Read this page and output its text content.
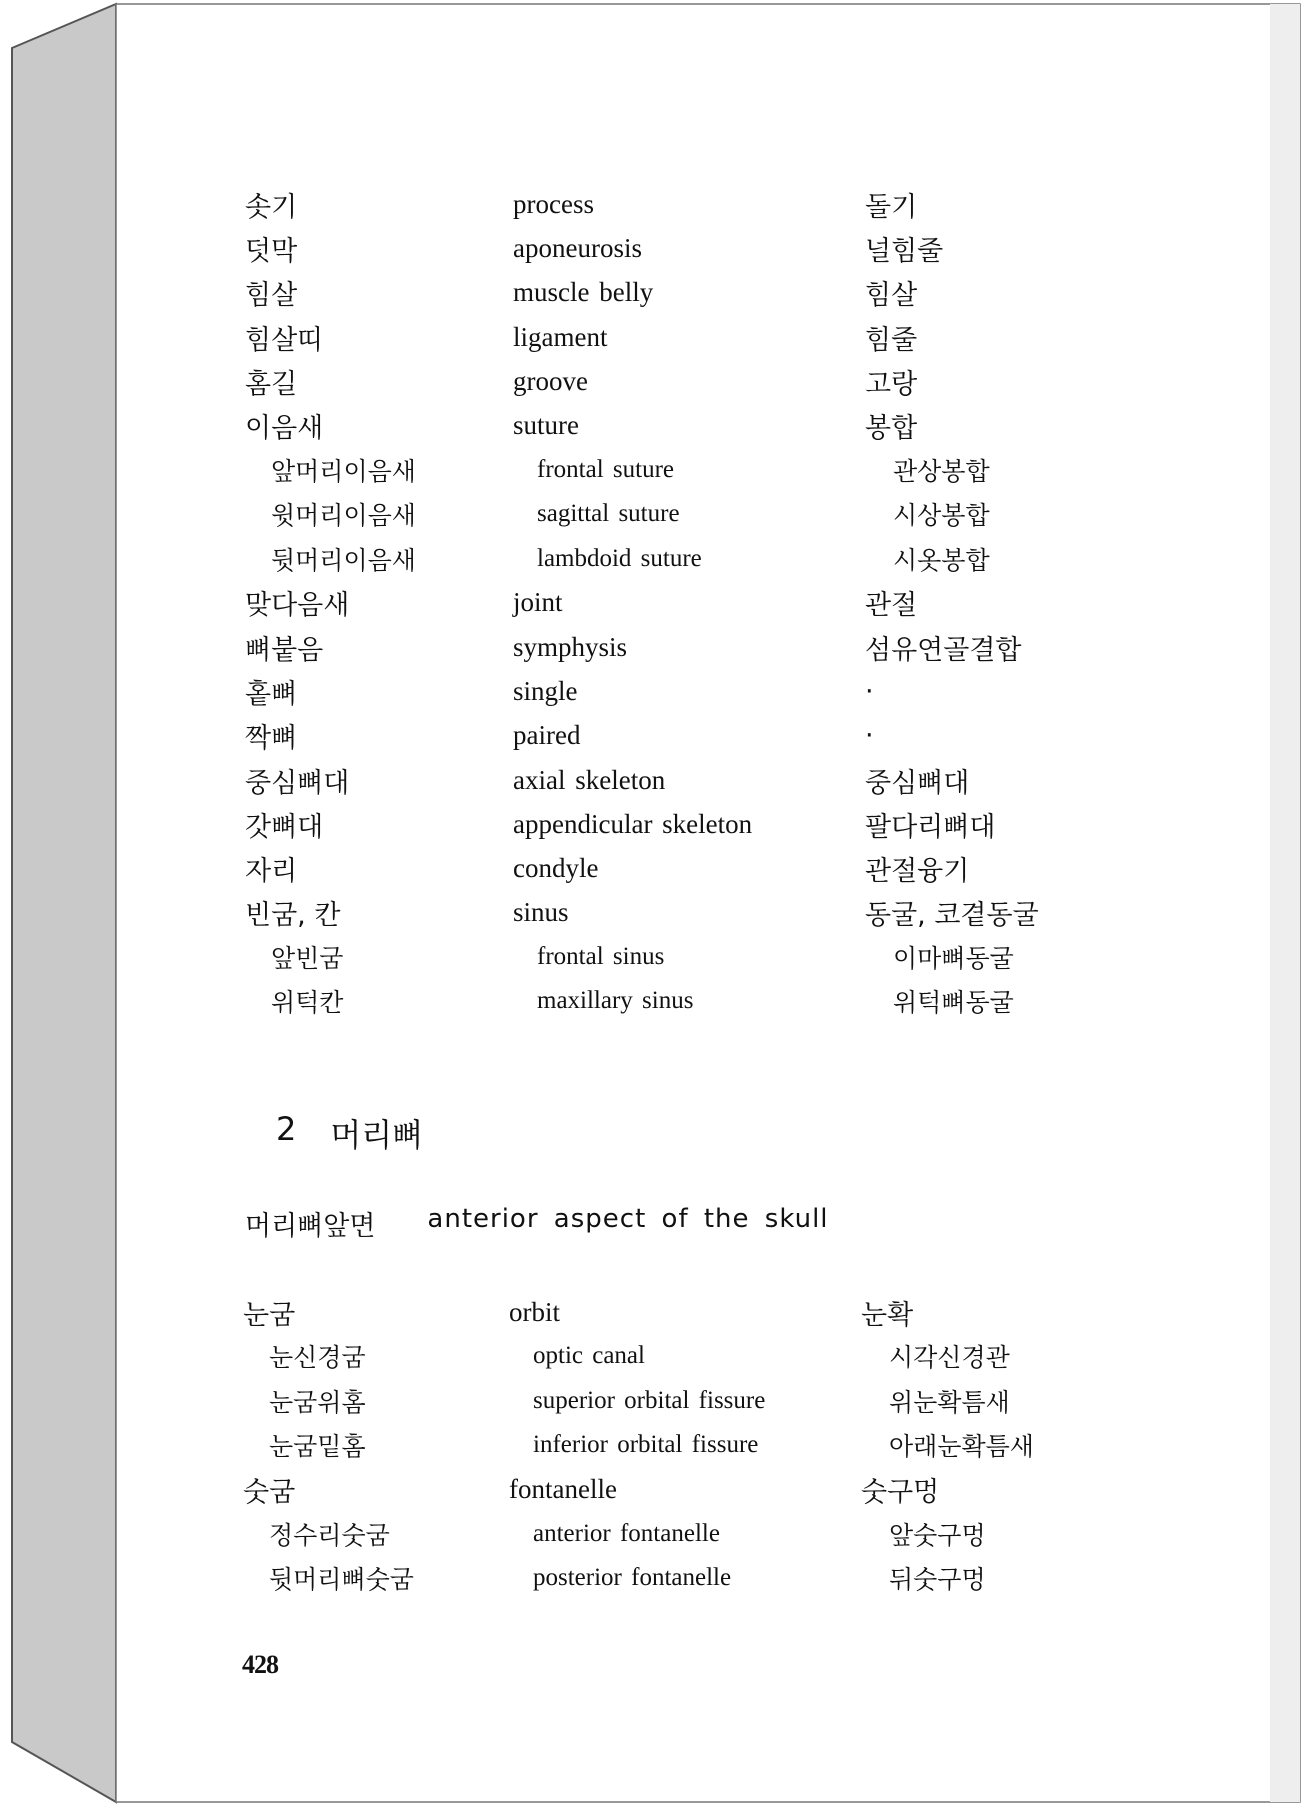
솟기	process	돌기
덧막	aponeurosis	널힘줄
힘살	muscle belly	힘살
힘살띠	ligament	힘줄
홈길	groove	고랑
이음새	suture	봉합
앞머리이음새	frontal suture	관상봉합
윗머리이음새	sagittal suture	시상봉합
뒷머리이음새	lambdoid suture	시옷봉합
맞다음새	joint	관절
뼈붙음	symphysis	섬유연골결합
홑뼈	single	·
짝뼈	paired	·
중심뼈대	axial skeleton	중심뼈대
갓뼈대	appendicular skeleton	팔다리뼈대
자리	condyle	관절융기
빈굼, 칸	sinus	동굴, 코곁동굴
앞빈굼	frontal sinus	이마뼈동굴
위턱칸	maxillary sinus	위턱뼈동굴
2 머리뼈
머리뼈앞면 anterior aspect of the skull
눈굼	orbit	눈확
눈신경굼	optic canal	시각신경관
눈굼위홈	superior orbital fissure	위눈확틈새
눈굼밑홈	inferior orbital fissure	아래눈확틈새
숫굼	fontanelle	숫구멍
정수리숫굼	anterior fontanelle	앞숫구멍
뒷머리뼈숫굼	posterior fontanelle	뒤숫구멍
428
